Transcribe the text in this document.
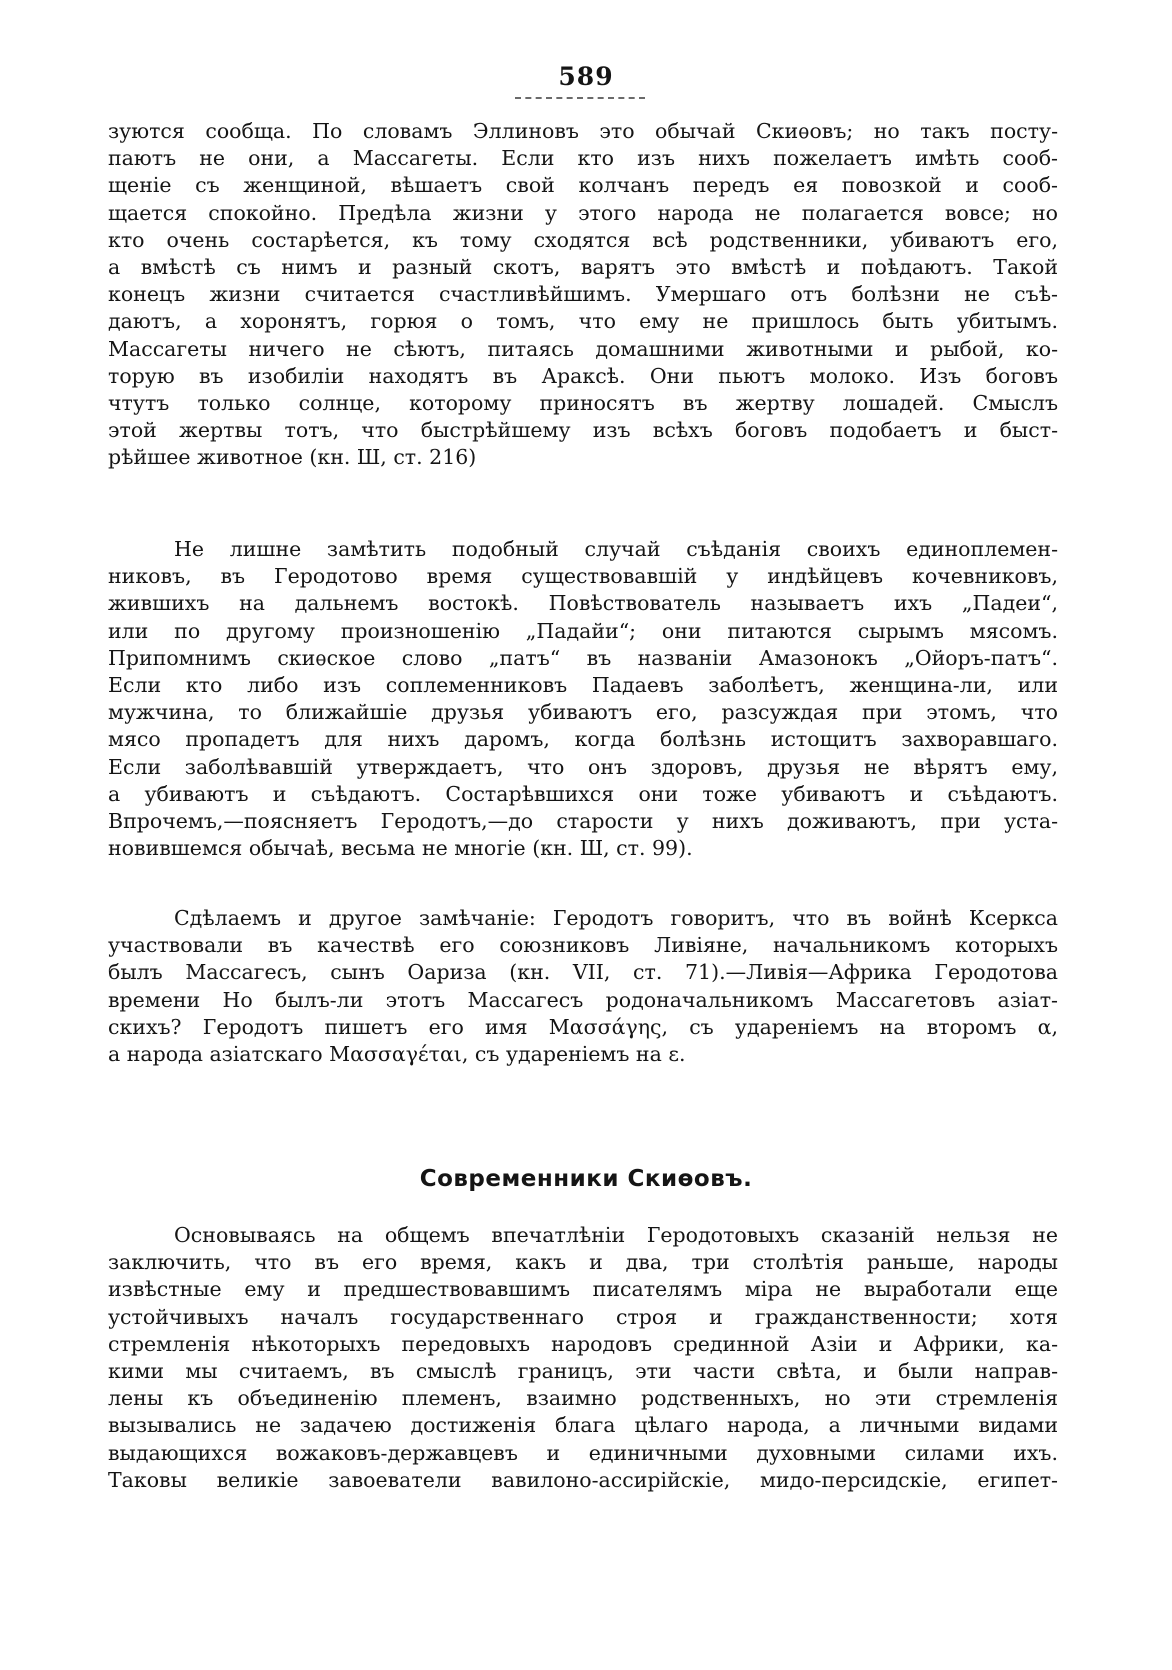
589
зуются сообща. По словамъ Эллиновъ это обычай Скиѳовъ; но такъ посту-
паютъ не они, а Массагеты. Если кто изъ нихъ пожелаетъ имѣть сооб-
щеніе съ женщиной, вѣшаетъ свой колчанъ передъ ея повозкой и сооб-
щается спокойно. Предѣла жизни у этого народа не полагается вовсе; но
кто очень состарѣется, къ тому сходятся всѣ родственники, убиваютъ его,
а вмѣстѣ съ нимъ и разный скотъ, варятъ это вмѣстѣ и поѣдаютъ. Такой
конецъ жизни считается счастливѣйшимъ. Умершаго отъ болѣзни не съѣ-
даютъ, а хоронятъ, горюя о томъ, что ему не пришлось быть убитымъ.
Массагеты ничего не сѣютъ, питаясь домашними животными и рыбой, ко-
торую въ изобиліи находятъ въ Араксѣ. Они пьютъ молоко. Изъ боговъ
чтутъ только солнце, которому приносятъ въ жертву лошадей. Смыслъ
этой жертвы тотъ, что быстрѣйшему изъ всѣхъ боговъ подобаетъ и быст-
рѣйшее животное (кн. Ш, ст. 216)
Не лишне замѣтить подобный случай съѣданія своихъ единоплемен-
никовъ, въ Геродотово время существовавшій у индѣйцевъ кочевниковъ,
жившихъ на дальнемъ востокѣ. Повѣствователь называетъ ихъ „Падеи“,
или по другому произношенію „Падайи“; они питаются сырымъ мясомъ.
Припомнимъ скиѳское слово „патъ“ въ названіи Амазонокъ „Ойоръ-патъ“.
Если кто либо изъ соплеменниковъ Падаевъ заболѣетъ, женщина-ли, или
мужчина, то ближайшіе друзья убиваютъ его, разсуждая при этомъ, что
мясо пропадетъ для нихъ даромъ, когда болѣзнь истощитъ захворавшаго.
Если заболѣвавшій утверждаетъ, что онъ здоровъ, друзья не вѣрятъ ему,
а убиваютъ и съѣдаютъ. Состарѣвшихся они тоже убиваютъ и съѣдаютъ.
Впрочемъ,—поясняетъ Геродотъ,—до старости у нихъ доживаютъ, при уста-
новившемся обычаѣ, весьма не многіе (кн. Ш, ст. 99).
Сдѣлаемъ и другое замѣчаніе: Геродотъ говоритъ, что въ войнѣ Ксеркса
участвовали въ качествѣ его союзниковъ Ливіяне, начальникомъ которыхъ
былъ Массагесъ, сынъ Оариза (кн. VII, ст. 71).—Ливія—Африка Геродотова
времени Но былъ-ли этотъ Массагесъ родоначальникомъ Массагетовъ азіат-
скихъ? Геродотъ пишетъ его имя Μασσάγης, съ удареніемъ на второмъ α,
а народа азіатскаго Μασσαγέται, съ удареніемъ на ε.
Современники Скиѳовъ.
Основываясь на общемъ впечатлѣніи Геродотовыхъ сказаній нельзя не
заключить, что въ его время, какъ и два, три столѣтія раньше, народы
извѣстные ему и предшествовавшимъ писателямъ міра не выработали еще
устойчивыхъ началъ государственнаго строя и гражданственности; хотя
стремленія нѣкоторыхъ передовыхъ народовъ срединной Азіи и Африки, ка-
кими мы считаемъ, въ смыслѣ границъ, эти части свѣта, и были направ-
лены къ объединенію племенъ, взаимно родственныхъ, но эти стремленія
вызывались не задачею достиженія блага цѣлаго народа, а личными видами
выдающихся вожаковъ-державцевъ и единичными духовными силами ихъ.
Таковы великіе завоеватели вавилоно-ассирійскіе, мидо-персидскіе, египет-
